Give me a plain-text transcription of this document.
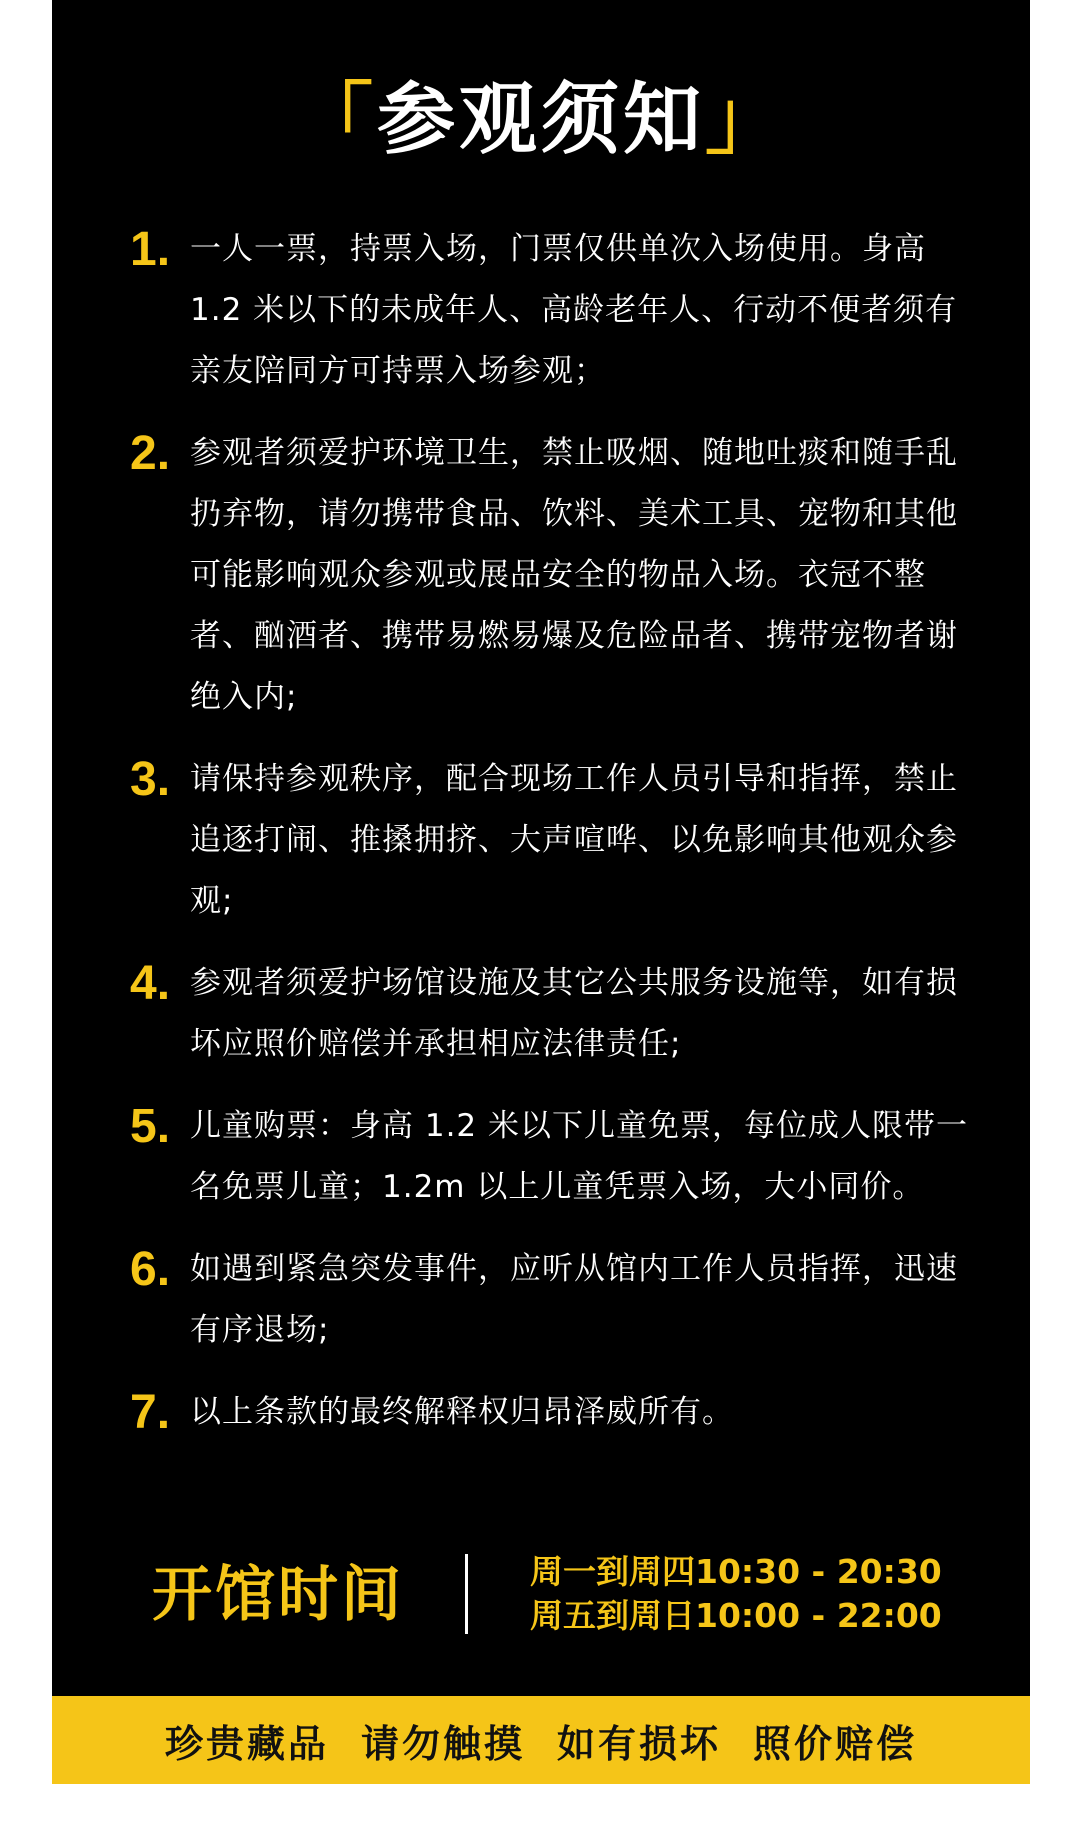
「参观须知」
1. 一人一票，持票入场，门票仅供单次入场使用。身高 1.2 米以下的未成年人、高龄老年人、行动不便者须有亲友陪同方可持票入场参观；
2. 参观者须爱护环境卫生，禁止吸烟、随地吐痰和随手乱扔弃物，请勿携带食品、饮料、美术工具、宠物和其他可能影响观众参观或展品安全的物品入场。衣冠不整者、酗酒者、携带易燃易爆及危险品者、携带宠物者谢绝入内;
3. 请保持参观秩序，配合现场工作人员引导和指挥，禁止追逐打闹、推搡拥挤、大声喧哗、以免影响其他观众参观;
4. 参观者须爱护场馆设施及其它公共服务设施等，如有损坏应照价赔偿并承担相应法律责任;
5. 儿童购票：身高 1.2 米以下儿童免票，每位成人限带一名免票儿童；1.2m 以上儿童凭票入场，大小同价。
6. 如遇到紧急突发事件，应听从馆内工作人员指挥，迅速有序退场;
7. 以上条款的最终解释权归昂泽威所有。
开馆时间	周一到周四10:30 - 20:30
周五到周日10:00 - 22:00
珍贵藏品 请勿触摸 如有损坏 照价赔偿
